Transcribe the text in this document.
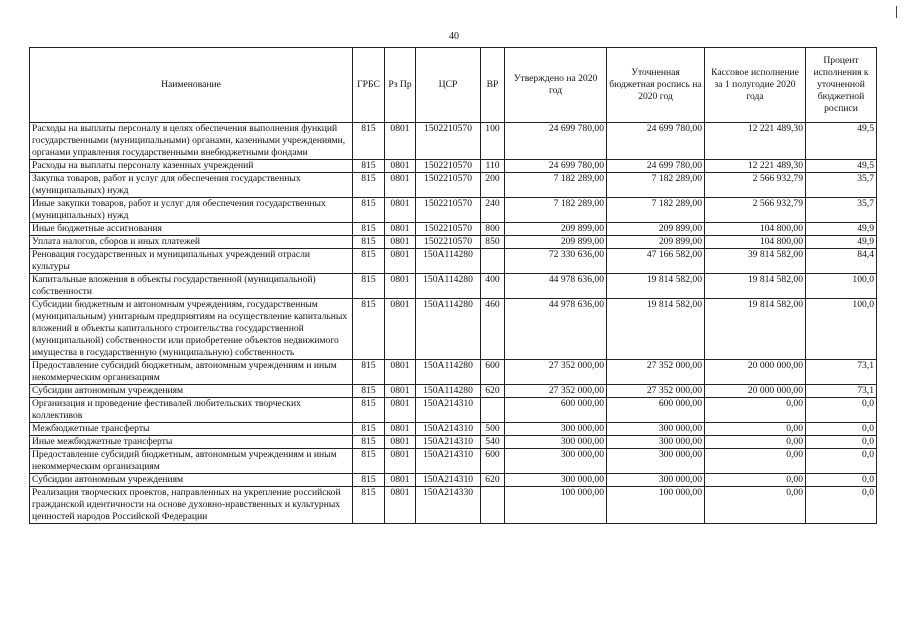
40
Наименование	ГРБС	Рз Пр	ЦСР	ВР	Утверждено на 2020 год	Уточненная бюджетная роспись на 2020 год	Кассовое исполнение за 1 полугодие 2020 года	Процент исполнения к уточненной бюджетной росписи
Расходы на выплаты персоналу в целях обеспечения выполнения функций государственными (муниципальными) органами, казенными учреждениями, органами управления государственными внебюджетными фондами	815	0801	1502210570	100	24 699 780,00	24 699 780,00	12 221 489,30	49,5
Расходы на выплаты персоналу казенных учреждений	815	0801	1502210570	110	24 699 780,00	24 699 780,00	12 221 489,30	49,5
Закупка товаров, работ и услуг для обеспечения государственных (муниципальных) нужд	815	0801	1502210570	200	7 182 289,00	7 182 289,00	2 566 932,79	35,7
Иные закупки товаров, работ и услуг для обеспечения государственных (муниципальных) нужд	815	0801	1502210570	240	7 182 289,00	7 182 289,00	2 566 932,79	35,7
Иные бюджетные ассигнования	815	0801	1502210570	800	209 899,00	209 899,00	104 800,00	49,9
Уплата налогов, сборов и иных платежей	815	0801	1502210570	850	209 899,00	209 899,00	104 800,00	49,9
Реновация государственных и муниципальных учреждений отрасли культуры	815	0801	150A114280		72 330 636,00	47 166 582,00	39 814 582,00	84,4
Капитальные вложения в объекты государственной (муниципальной) собственности	815	0801	150A114280	400	44 978 636,00	19 814 582,00	19 814 582,00	100,0
Субсидии бюджетным и автономным учреждениям, государственным (муниципальным) унитарным предприятиям на осуществление капитальных вложений в объекты капитального строительства государственной (муниципальной) собственности или приобретение объектов недвижимого имущества в государственную (муниципальную) собственность	815	0801	150A114280	460	44 978 636,00	19 814 582,00	19 814 582,00	100,0
Предоставление субсидий бюджетным, автономным учреждениям и иным некоммерческим организациям	815	0801	150A114280	600	27 352 000,00	27 352 000,00	20 000 000,00	73,1
Субсидии автономным учреждениям	815	0801	150A114280	620	27 352 000,00	27 352 000,00	20 000 000,00	73,1
Организация и проведение фестивалей любительских творческих коллективов	815	0801	150A214310		600 000,00	600 000,00	0,00	0,0
Межбюджетные трансферты	815	0801	150A214310	500	300 000,00	300 000,00	0,00	0,0
Иные межбюджетные трансферты	815	0801	150A214310	540	300 000,00	300 000,00	0,00	0,0
Предоставление субсидий бюджетным, автономным учреждениям и иным некоммерческим организациям	815	0801	150A214310	600	300 000,00	300 000,00	0,00	0,0
Субсидии автономным учреждениям	815	0801	150A214310	620	300 000,00	300 000,00	0,00	0,0
Реализация творческих проектов, направленных на укрепление российской гражданской идентичности на основе духовно-нравственных и культурных ценностей народов Российской Федерации	815	0801	150A214330		100 000,00	100 000,00	0,00	0,0
